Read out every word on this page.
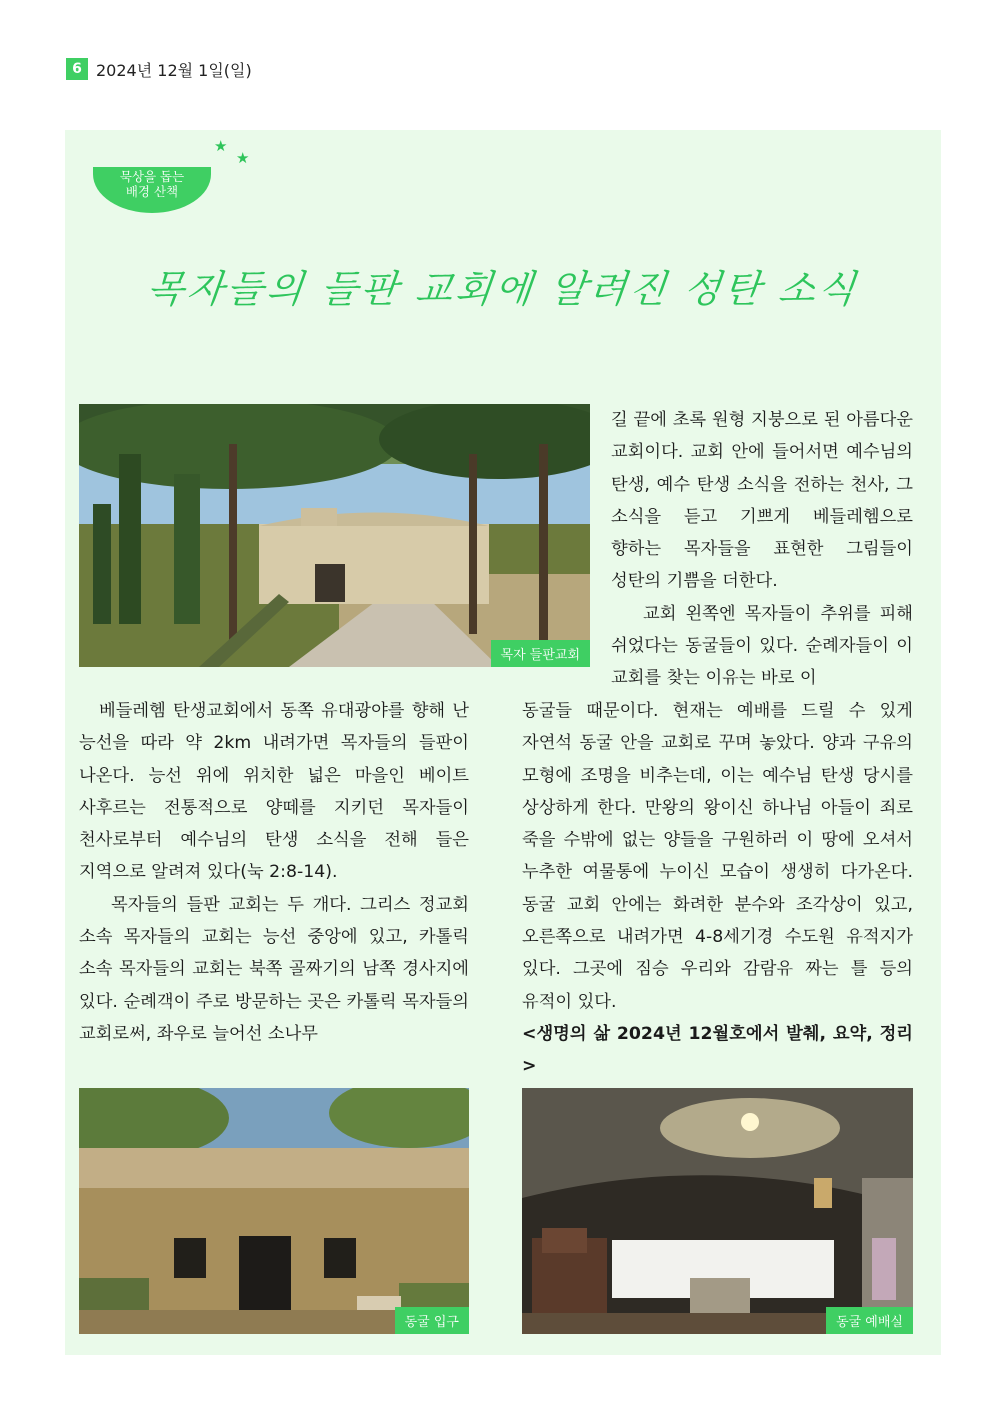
6 2024년 12월 1일(일)
묵상을 돕는
배경 산책
★
★
목자들의 들판 교회에 알려진 성탄 소식
목자 들판교회

길 끝에 초록 원형 지붕으로 된 아름다운 교회이다. 교회 안에 들어서면 예수님의 탄생, 예수 탄생 소식을 전하는 천사, 그 소식을 듣고 기쁘게 베들레헴으로 향하는 목자들을 표현한 그림들이 성탄의 기쁨을 더한다.

교회 왼쪽엔 목자들이 추위를 피해 쉬었다는 동굴들이 있다. 순례자들이 이 교회를 찾는 이유는 바로 이

베들레헴 탄생교회에서 동쪽 유대광야를 향해 난 능선을 따라 약 2km 내려가면 목자들의 들판이 나온다. 능선 위에 위치한 넓은 마을인 베이트 사후르는 전통적으로 양떼를 지키던 목자들이 천사로부터 예수님의 탄생 소식을 전해 들은 지역으로 알려져 있다(눅 2:8-14).

목자들의 들판 교회는 두 개다. 그리스 정교회 소속 목자들의 교회는 능선 중앙에 있고, 카톨릭 소속 목자들의 교회는 북쪽 골짜기의 남쪽 경사지에 있다. 순례객이 주로 방문하는 곳은 카톨릭 목자들의 교회로써, 좌우로 늘어선 소나무

동굴들 때문이다. 현재는 예배를 드릴 수 있게 자연석 동굴 안을 교회로 꾸며 놓았다. 양과 구유의 모형에 조명을 비추는데, 이는 예수님 탄생 당시를 상상하게 한다. 만왕의 왕이신 하나님 아들이 죄로 죽을 수밖에 없는 양들을 구원하러 이 땅에 오셔서 누추한 여물통에 누이신 모습이 생생히 다가온다. 동굴 교회 안에는 화려한 분수와 조각상이 있고, 오른쪽으로 내려가면 4-8세기경 수도원 유적지가 있다. 그곳에 짐승 우리와 감람유 짜는 틀 등의 유적이 있다.

<생명의 삶 2024년 12월호에서 발췌, 요약, 정리>

동굴 입구	동굴 예배실
